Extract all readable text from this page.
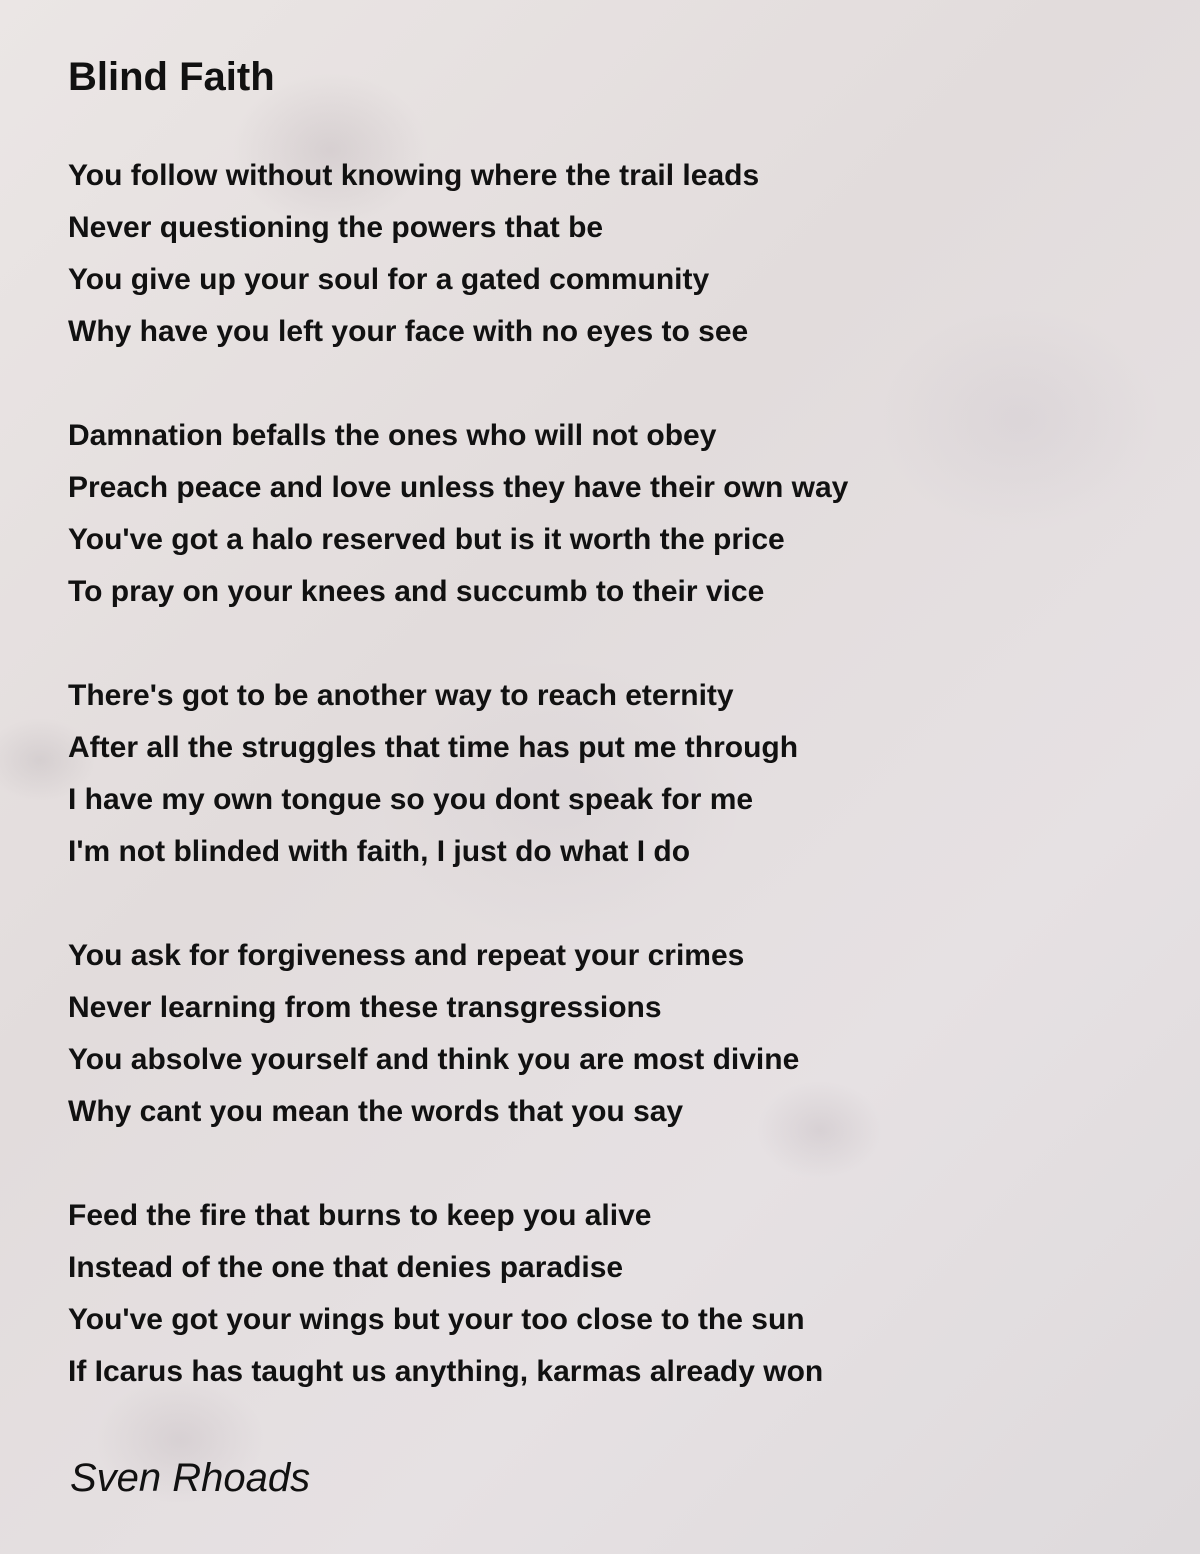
Blind Faith
You follow without knowing where the trail leads
Never questioning the powers that be
You give up your soul for a gated community
Why have you left your face with no eyes to see
Damnation befalls the ones who will not obey
Preach peace and love unless they have their own way
You've got a halo reserved but is it worth the price
To pray on your knees and succumb to their vice
There's got to be another way to reach eternity
After all the struggles that time has put me through
I have my own tongue so you dont speak for me
I'm not blinded with faith, I just do what I do
You ask for forgiveness and repeat your crimes
Never learning from these transgressions
You absolve yourself and think you are most divine
Why cant you mean the words that you say
Feed the fire that burns to keep you alive
Instead of the one that denies paradise
You've got your wings but your too close to the sun
If Icarus has taught us anything, karmas already won
Sven Rhoads
